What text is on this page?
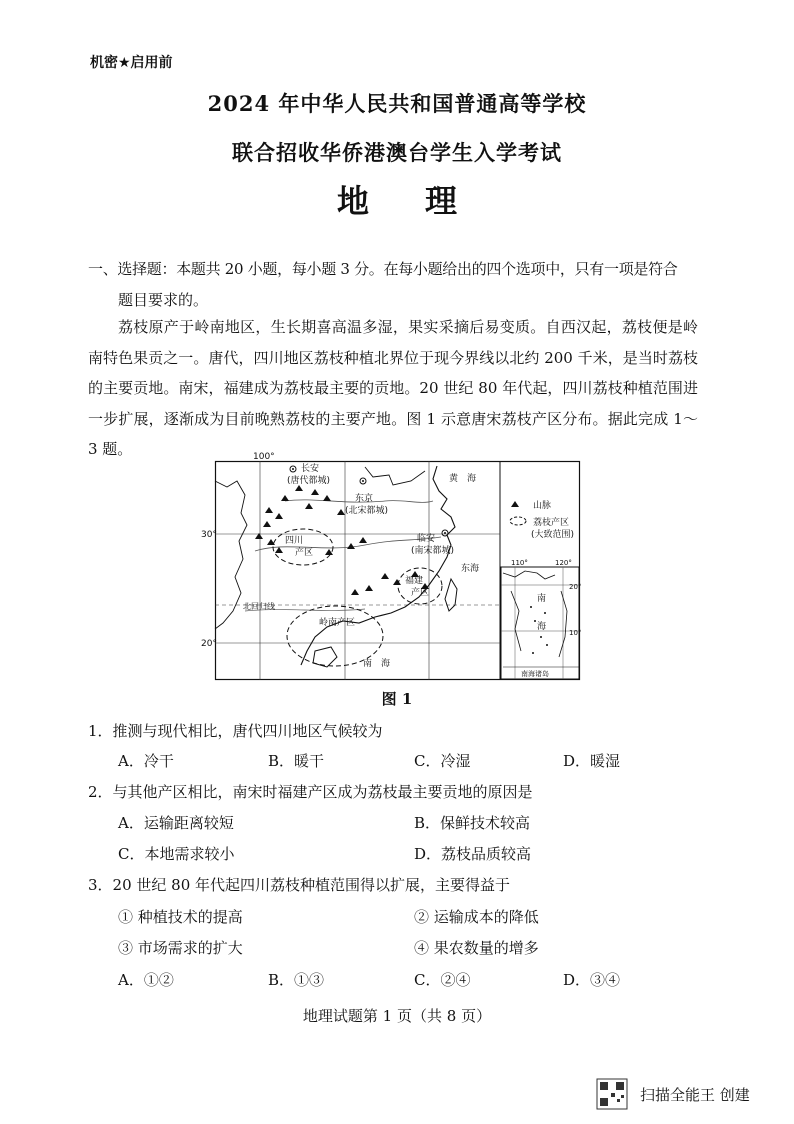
机密★启用前
2024 年中华人民共和国普通高等学校
联合招收华侨港澳台学生入学考试
地理
一、选择题：本题共 20 小题，每小题 3 分。在每小题给出的四个选项中，只有一项是符合
题目要求的。
荔枝原产于岭南地区，生长期喜高温多湿，果实采摘后易变质。自西汉起，荔枝便是岭南特色果贡之一。唐代，四川地区荔枝种植北界位于现今界线以北约 200 千米，是当时荔枝的主要贡地。南宋，福建成为荔枝最主要的贡地。20 世纪 80 年代起，四川荔枝种植范围进一步扩展，逐渐成为目前晚熟荔枝的主要产地。图 1 示意唐宋荔枝产区分布。据此完成 1～3 题。	100°
长安
(唐代都城)
东京
(北宋都城)
临安
(南宋都城)
四川
产区
福建
产区
岭南产区
北回归线
黄　海
东海
南　海
30°
20°
山脉
荔枝产区
(大致范围)
110°	120°
20°
10°
南
海
南海诸岛
图 1
1．推测与现代相比，唐代四川地区气候较为
A．冷干	B．暖干	C．冷湿	D．暖湿
2．与其他产区相比，南宋时福建产区成为荔枝最主要贡地的原因是
A．运输距离较短	B．保鲜技术较高
C．本地需求较小	D．荔枝品质较高
3．20 世纪 80 年代起四川荔枝种植范围得以扩展，主要得益于
① 种植技术的提高	② 运输成本的降低
③ 市场需求的扩大	④ 果农数量的增多
A．①②	B．①③	C．②④	D．③④
地理试题第 1 页（共 8 页）
扫描全能王 创建
